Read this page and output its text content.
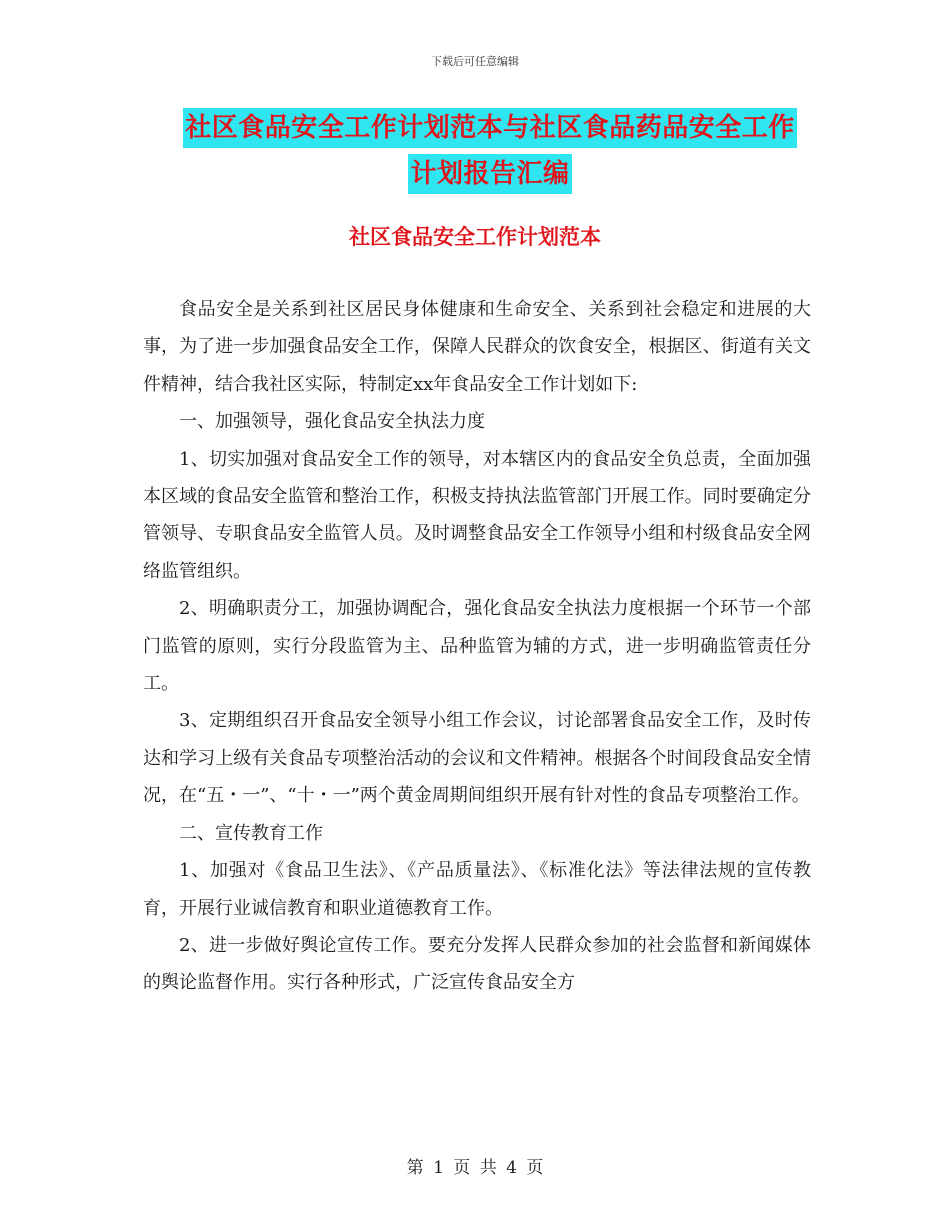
下载后可任意编辑
社区食品安全工作计划范本与社区食品药品安全工作
计划报告汇编
社区食品安全工作计划范本

食品安全是关系到社区居民身体健康和生命安全、关系到社会稳定和进展的大事，为了进一步加强食品安全工作，保障人民群众的饮食安全，根据区、街道有关文件精神，结合我社区实际，特制定xx年食品安全工作计划如下:

一、加强领导，强化食品安全执法力度

1、切实加强对食品安全工作的领导，对本辖区内的食品安全负总责，全面加强本区域的食品安全监管和整治工作，积极支持执法监管部门开展工作。同时要确定分管领导、专职食品安全监管人员。及时调整食品安全工作领导小组和村级食品安全网络监管组织。

2、明确职责分工，加强协调配合，强化食品安全执法力度根据一个环节一个部门监管的原则，实行分段监管为主、品种监管为辅的方式，进一步明确监管责任分工。

3、定期组织召开食品安全领导小组工作会议，讨论部署食品安全工作，及时传达和学习上级有关食品专项整治活动的会议和文件精神。根据各个时间段食品安全情况，在“五・一”、“十・一”两个黄金周期间组织开展有针对性的食品专项整治工作。

二、宣传教育工作

1、加强对《食品卫生法》、《产品质量法》、《标准化法》等法律法规的宣传教育，开展行业诚信教育和职业道德教育工作。

2、进一步做好舆论宣传工作。要充分发挥人民群众参加的社会监督和新闻媒体的舆论监督作用。实行各种形式，广泛宣传食品安全方

第 1 页 共 4 页
